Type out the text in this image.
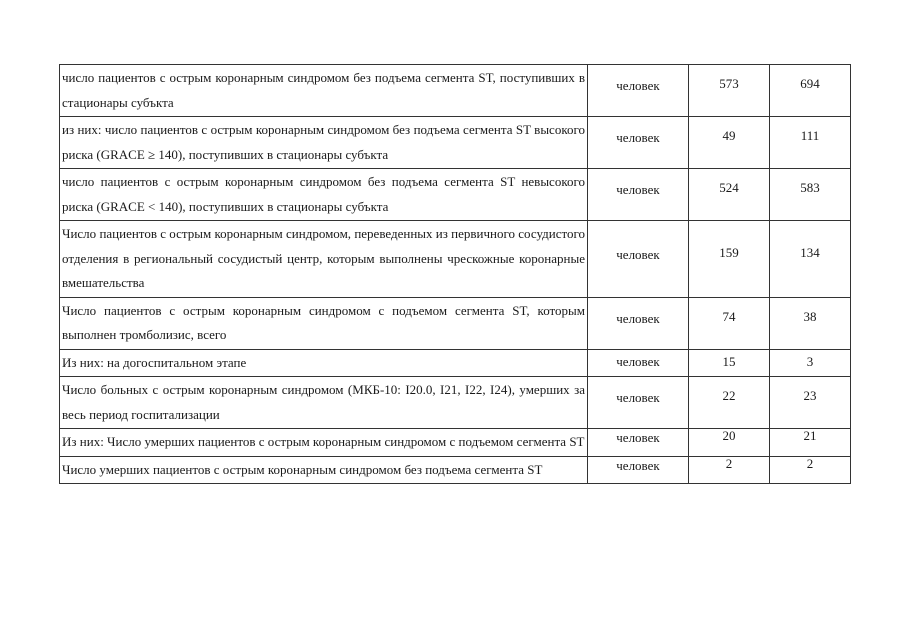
число пациентов с острым коронарным синдромом без подъема сегмента ST, поступивших в стационары субъкта	человек	573	694
из них: число пациентов с острым коронарным синдромом без подъема сегмента ST высокого риска (GRACE ≥ 140), поступивших в стационары субъкта	человек	49	111
число пациентов с острым коронарным синдромом без подъема сегмента ST невысокого риска (GRACE < 140), поступивших в стационары субъкта	человек	524	583
Число пациентов с острым коронарным синдромом, переведенных из первичного сосудистого отделения в региональный сосудистый центр, которым выполнены чрескожные коронарные вмешательства	человек	159	134
Число пациентов с острым коронарным синдромом с подъемом сегмента ST, которым выполнен тромболизис, всего	человек	74	38
Из них: на догоспитальном этапе	человек	15	3
Число больных с острым коронарным синдромом (МКБ-10: I20.0, I21, I22, I24), умерших за весь период госпитализации	человек	22	23
Из них: Число умерших пациентов с острым коронарным синдромом с подъемом сегмента ST	человек	20	21
Число умерших пациентов с острым коронарным синдромом без подъема сегмента ST	человек	2	2
